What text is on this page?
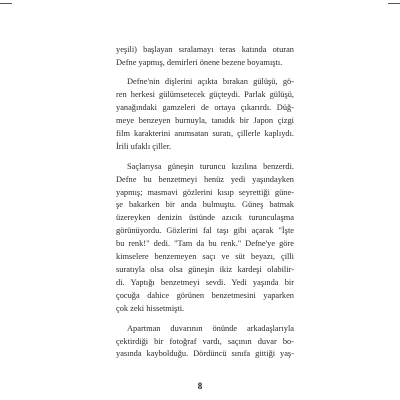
yeşili) başlayan sıralamayı teras katında oturan
Defne yapmış, demirleri önene bezene boyamıştı.

Defne'nin dişlerini açıkta bırakan gülüşü, gö-
ren herkesi gülümsetecek güçteydi. Parlak gülüşü,
yanağındaki gamzeleri de ortaya çıkarırdı. Düğ-
meye benzeyen burnuyla, tanıdık bir Japon çizgi
film karakterini anımsatan suratı, çillerle kaplıydı.
İrili ufaklı çiller.

Saçlarıysa güneşin turuncu kızılına benzerdi.
Defne bu benzetmeyi henüz yedi yaşındayken
yapmış; masmavi gözlerini kısıp seyrettiği güne-
şe bakarken bir anda bulmuştu. Güneş batmak
üzereyken denizin üstünde azıcık turunculaşma
görünüyordu. Gözlerini fal taşı gibi açarak "İşte
bu renk!" dedi. "Tam da bu renk." Defne'ye göre
kimselere benzemeyen saçı ve süt beyazı, çilli
suratıyla olsa olsa güneşin ikiz kardeşi olabilir-
di. Yaptığı benzetmeyi sevdi. Yedi yaşında bir
çocuğa dahice görünen benzetmesini yaparken
çok zeki hissetmişti.

Apartman duvarının önünde arkadaşlarıyla
çektirdiği bir fotoğraf vardı, saçının duvar bo-
yasında kaybolduğu. Dördüncü sınıfa gittiği yaş-

8
